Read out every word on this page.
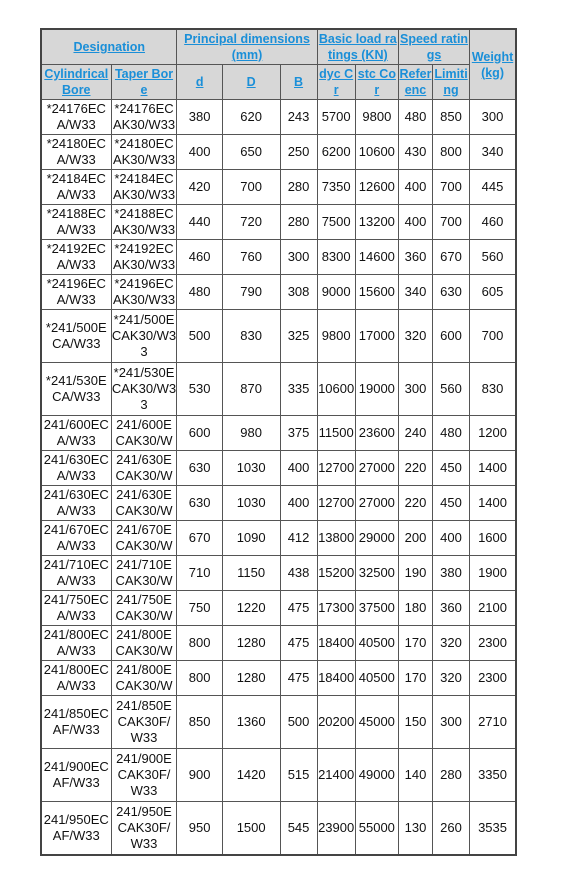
Designation		Principal dimensions (mm)			Basic load ratings (KN)		Speed ratings		Weight (kg)
Cylindrical Bore	Taper Bore	d	D	B	dyc Cr	stc Cor	Referenc	Limiting	
*24176ECA/W33	*24176ECAK30/W33	380	620	243	5700	9800	480	850	300
*24180ECA/W33	*24180ECAK30/W33	400	650	250	6200	10600	430	800	340
*24184ECA/W33	*24184ECAK30/W33	420	700	280	7350	12600	400	700	445
*24188ECA/W33	*24188ECAK30/W33	440	720	280	7500	13200	400	700	460
*24192ECA/W33	*24192ECAK30/W33	460	760	300	8300	14600	360	670	560
*24196ECA/W33	*24196ECAK30/W33	480	790	308	9000	15600	340	630	605
*241/500ECA/W33	*241/500ECAK30/W33	500	830	325	9800	17000	320	600	700
*241/530ECA/W33	*241/530ECAK30/W33	530	870	335	10600	19000	300	560	830
241/600ECA/W33	241/600ECAK30/W	600	980	375	11500	23600	240	480	1200
241/630ECA/W33	241/630ECAK30/W	630	1030	400	12700	27000	220	450	1400
241/630ECA/W33	241/630ECAK30/W	630	1030	400	12700	27000	220	450	1400
241/670ECA/W33	241/670ECAK30/W	670	1090	412	13800	29000	200	400	1600
241/710ECA/W33	241/710ECAK30/W	710	1150	438	15200	32500	190	380	1900
241/750ECA/W33	241/750ECAK30/W	750	1220	475	17300	37500	180	360	2100
241/800ECA/W33	241/800ECAK30/W	800	1280	475	18400	40500	170	320	2300
241/800ECA/W33	241/800ECAK30/W	800	1280	475	18400	40500	170	320	2300
241/850ECAF/W33	241/850ECAK30F/W33	850	1360	500	20200	45000	150	300	2710
241/900ECAF/W33	241/900ECAK30F/W33	900	1420	515	21400	49000	140	280	3350
241/950ECAF/W33	241/950ECAK30F/W33	950	1500	545	23900	55000	130	260	3535
